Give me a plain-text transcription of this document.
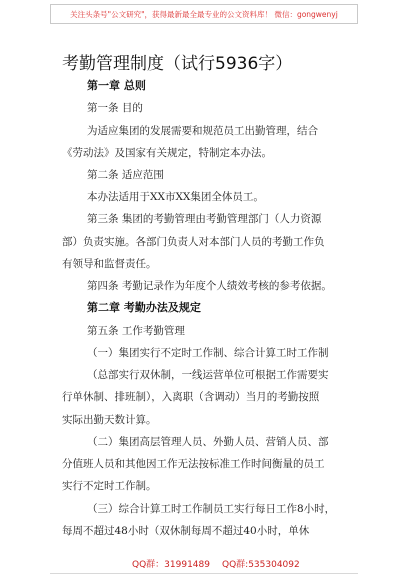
关注头条号"公文研究"，获得最新最全最专业的公文资料库！ 微信：gongwenyj
考勤管理制度（试行5936字）
第一章 总则
第一条 目的
为适应集团的发展需要和规范员工出勤管理，结合
《劳动法》及国家有关规定，特制定本办法。
第二条 适应范围
本办法适用于XX市XX集团全体员工。
第三条 集团的考勤管理由考勤管理部门（人力资源
部）负责实施。各部门负责人对本部门人员的考勤工作负
有领导和监督责任。
第四条 考勤记录作为年度个人绩效考核的参考依据。
第二章 考勤办法及规定
第五条 工作考勤管理
（一）集团实行不定时工作制、综合计算工时工作制
（总部实行双休制，一线运营单位可根据工作需要实
行单休制、排班制），入离职（含调动）当月的考勤按照
实际出勤天数计算。
（二）集团高层管理人员、外勤人员、营销人员、部
分值班人员和其他因工作无法按标准工作时间衡量的员工
实行不定时工作制。
（三）综合计算工时工作制员工实行每日工作8小时，
每周不超过48小时（双休制每周不超过40小时，单休
QQ群：31991489 QQ群:535304092
